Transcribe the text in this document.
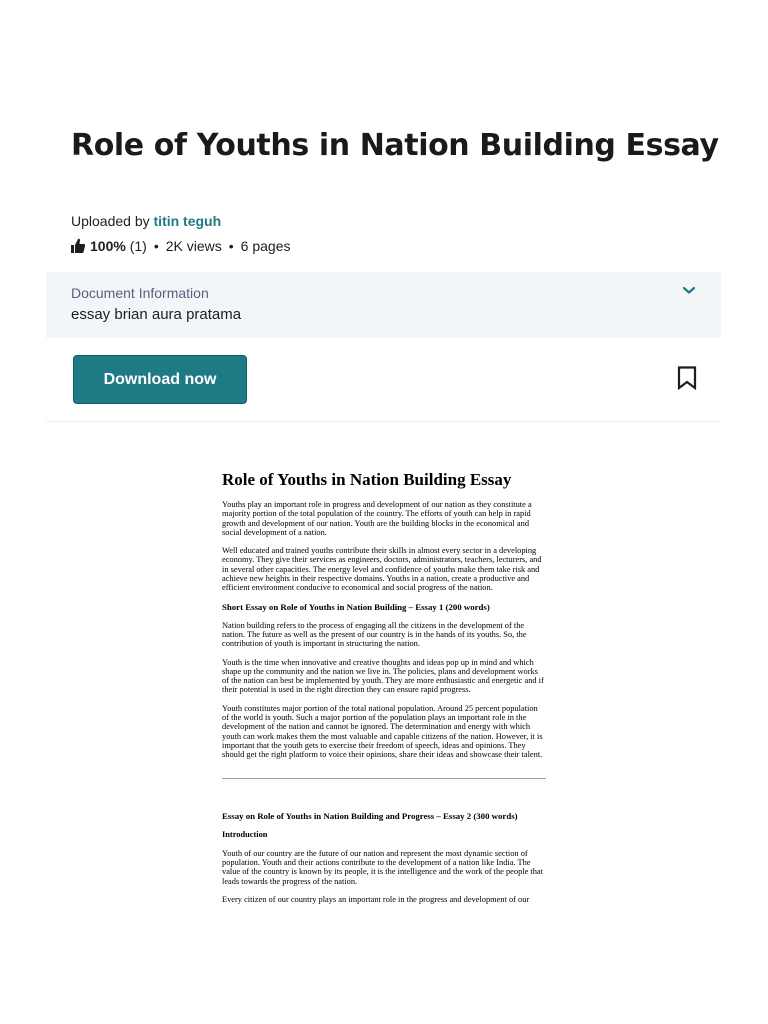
Role of Youths in Nation Building Essay
Uploaded by titin teguh
100%
(1) • 2K views • 6 pages
Document Information
essay brian aura pratama
Download now
Role of Youths in Nation Building Essay

Youths play an important role in progress and development of our nation as they constitute a majority portion of the total population of the country. The efforts of youth can help in rapid growth and development of our nation. Youth are the building blocks in the economical and social development of a nation.

Well educated and trained youths contribute their skills in almost every sector in a developing economy. They give their services as engineers, doctors, administrators, teachers, lecturers, and in several other capacities. The energy level and confidence of youths make them take risk and achieve new heights in their respective domains. Youths in a nation, create a productive and efficient environment conducive to economical and social progress of the nation.

Short Essay on Role of Youths in Nation Building – Essay 1 (200 words)

Nation building refers to the process of engaging all the citizens in the development of the nation. The future as well as the present of our country is in the hands of its youths. So, the contribution of youth is important in structuring the nation.

Youth is the time when innovative and creative thoughts and ideas pop up in mind and which shape up the community and the nation we live in. The policies, plans and development works of the nation can best be implemented by youth. They are more enthusiastic and energetic and if their potential is used in the right direction they can ensure rapid progress.

Youth constitutes major portion of the total national population. Around 25 percent population of the world is youth. Such a major portion of the population plays an important role in the development of the nation and cannot be ignored. The determination and energy with which youth can work makes them the most valuable and capable citizens of the nation. However, it is important that the youth gets to exercise their freedom of speech, ideas and opinions. They should get the right platform to voice their opinions, share their ideas and showcase their talent.

Essay on Role of Youths in Nation Building and Progress – Essay 2 (300 words)
Introduction

Youth of our country are the future of our nation and represent the most dynamic section of population. Youth and their actions contribute to the development of a nation like India. The value of the country is known by its people, it is the intelligence and the work of the people that leads towards the progress of the nation.

Every citizen of our country plays an important role in the progress and development of our
